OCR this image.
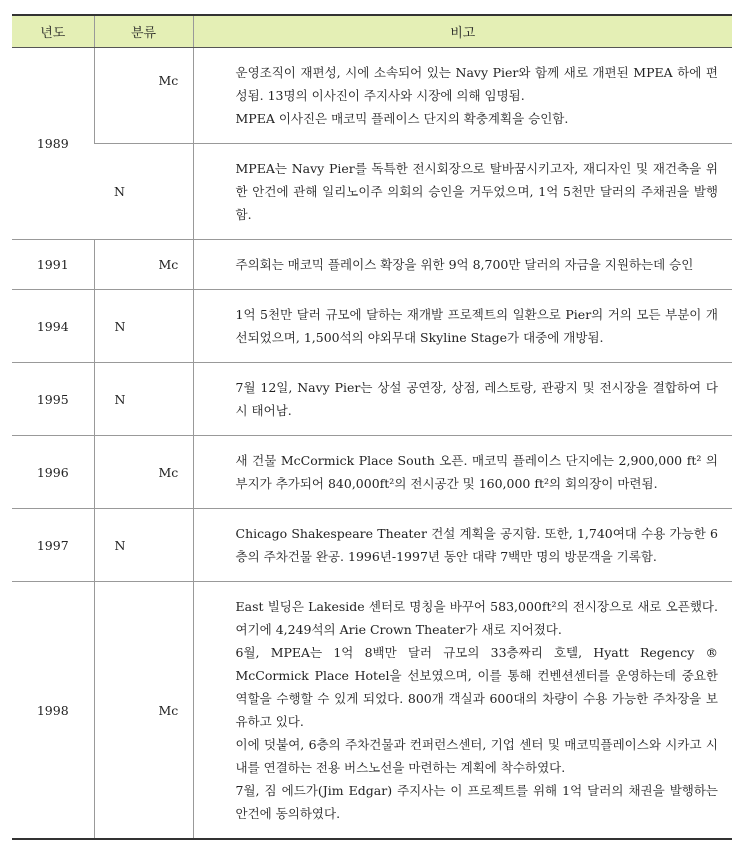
년도	분류	비고
1989	Mc	운영조직이 재편성, 시에 소속되어 있는 Navy Pier와 함께 새로 개편된 MPEA 하에 편성됨. 13명의 이사진이 주지사와 시장에 의해 임명됨.

MPEA 이사진은 매코믹 플레이스 단지의 확충계획을 승인함.

	N	MPEA는 Navy Pier를 독특한 전시회장으로 탈바꿈시키고자, 재디자인 및 재건축을 위한 안건에 관해 일리노이주 의회의 승인을 거두었으며, 1억 5천만 달러의 주채권을 발행함.

1991	Mc	주의회는 매코믹 플레이스 확장을 위한 9억 8,700만 달러의 자금을 지원하는데 승인

1994	N	1억 5천만 달러 규모에 달하는 재개발 프로젝트의 일환으로 Pier의 거의 모든 부분이 개선되었으며, 1,500석의 야외무대 Skyline Stage가 대중에 개방됨.

1995	N	7월 12일, Navy Pier는 상설 공연장, 상점, 레스토랑, 관광지 및 전시장을 결합하여 다시 태어남.

1996	Mc	새 건물 McCormick Place South 오픈. 매코믹 플레이스 단지에는 2,900,000 ft² 의 부지가 추가되어 840,000ft²의 전시공간 및 160,000 ft²의 회의장이 마련됨.

1997	N	Chicago Shakespeare Theater 건설 계획을 공지함. 또한, 1,740여대 수용 가능한 6층의 주차건물 완공. 1996년-1997년 동안 대략 7백만 명의 방문객을 기록함.

1998	Mc	East 빌딩은 Lakeside 센터로 명칭을 바꾸어 583,000ft²의 전시장으로 새로 오픈했다. 여기에 4,249석의 Arie Crown Theater가 새로 지어졌다.

6월, MPEA는 1억 8백만 달러 규모의 33층짜리 호텔, Hyatt Regency ® McCormick Place Hotel을 선보였으며, 이를 통해 컨벤션센터를 운영하는데 중요한 역할을 수행할 수 있게 되었다. 800개 객실과 600대의 차량이 수용 가능한 주차장을 보유하고 있다.

이에 덧붙여, 6층의 주차건물과 컨퍼런스센터, 기업 센터 및 매코믹플레이스와 시카고 시내를 연결하는 전용 버스노선을 마련하는 계획에 착수하였다.

7월, 짐 에드가(Jim Edgar) 주지사는 이 프로젝트를 위해 1억 달러의 채권을 발행하는 안건에 동의하였다.
